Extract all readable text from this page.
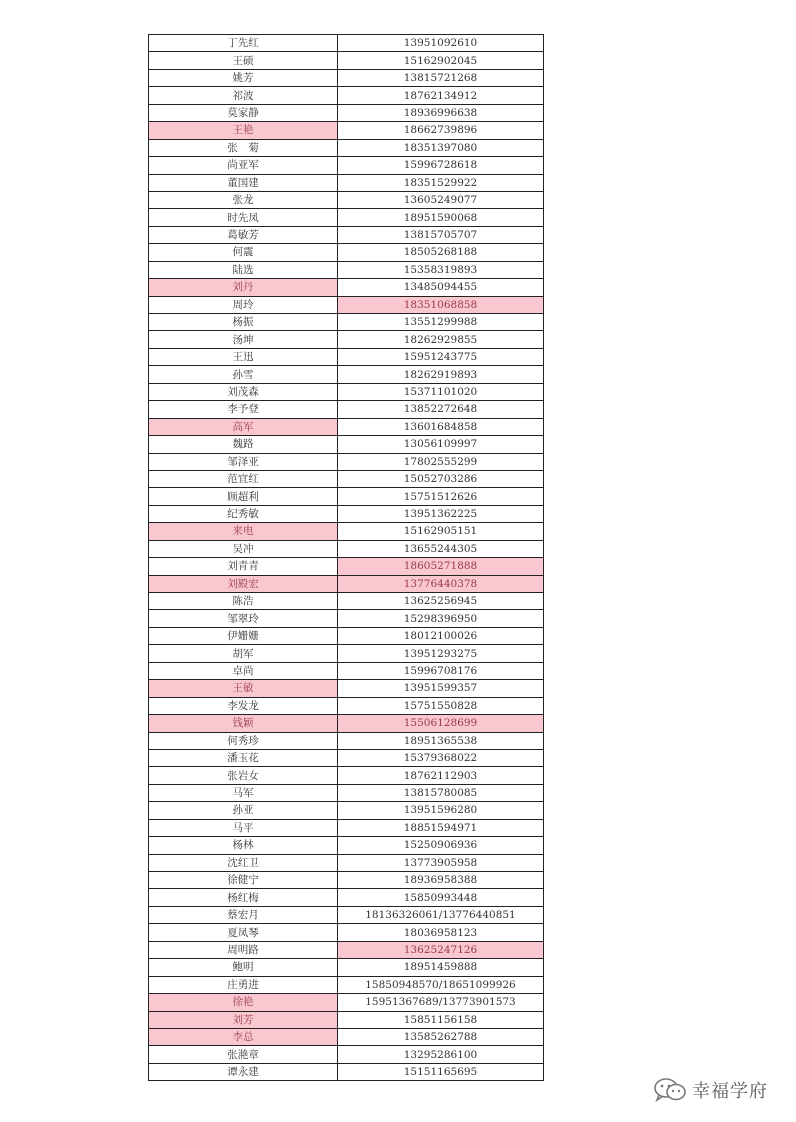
丁先红	13951092610
王硕	15162902045
姚芳	13815721268
祁波	18762134912
莫家静	18936996638
王艳	18662739896
张　菊	18351397080
尚亚军	15996728618
董国建	18351529922
张龙	13605249077
时先凤	18951590068
葛敏芳	13815705707
何震	18505268188
陆选	15358319893
刘丹	13485094455
周玲	18351068858
杨振	13551299988
汤坤	18262929855
王迅	15951243775
孙雪	18262919893
刘茂森	15371101020
李予登	13852272648
高军	13601684858
魏路	13056109997
邹泽亚	17802555299
范宜红	15052703286
顾超利	15751512626
纪秀敏	13951362225
来电	15162905151
吴冲	13655244305
刘青青	18605271888
刘殿宏	13776440378
陈浩	13625256945
邹翠玲	15298396950
伊姗姗	18012100026
胡军	13951293275
卓尚	15996708176
王敏	13951599357
李发龙	15751550828
钱颖	15506128699
何秀珍	18951365538
潘玉花	15379368022
张岩女	18762112903
马军	13815780085
孙亚	13951596280
马平	18851594971
杨林	15250906936
沈红卫	13773905958
徐健宁	18936958388
杨红梅	15850993448
蔡宏月	18136326061/13776440851
夏凤琴	18036958123
周明路	13625247126
鲍明	18951459888
庄勇进	15850948570/18651099926
徐艳	15951367689/13773901573
刘芳	15851156158
李总	13585262788
张滟章	13295286100
谭永建	15151165695
幸福学府
